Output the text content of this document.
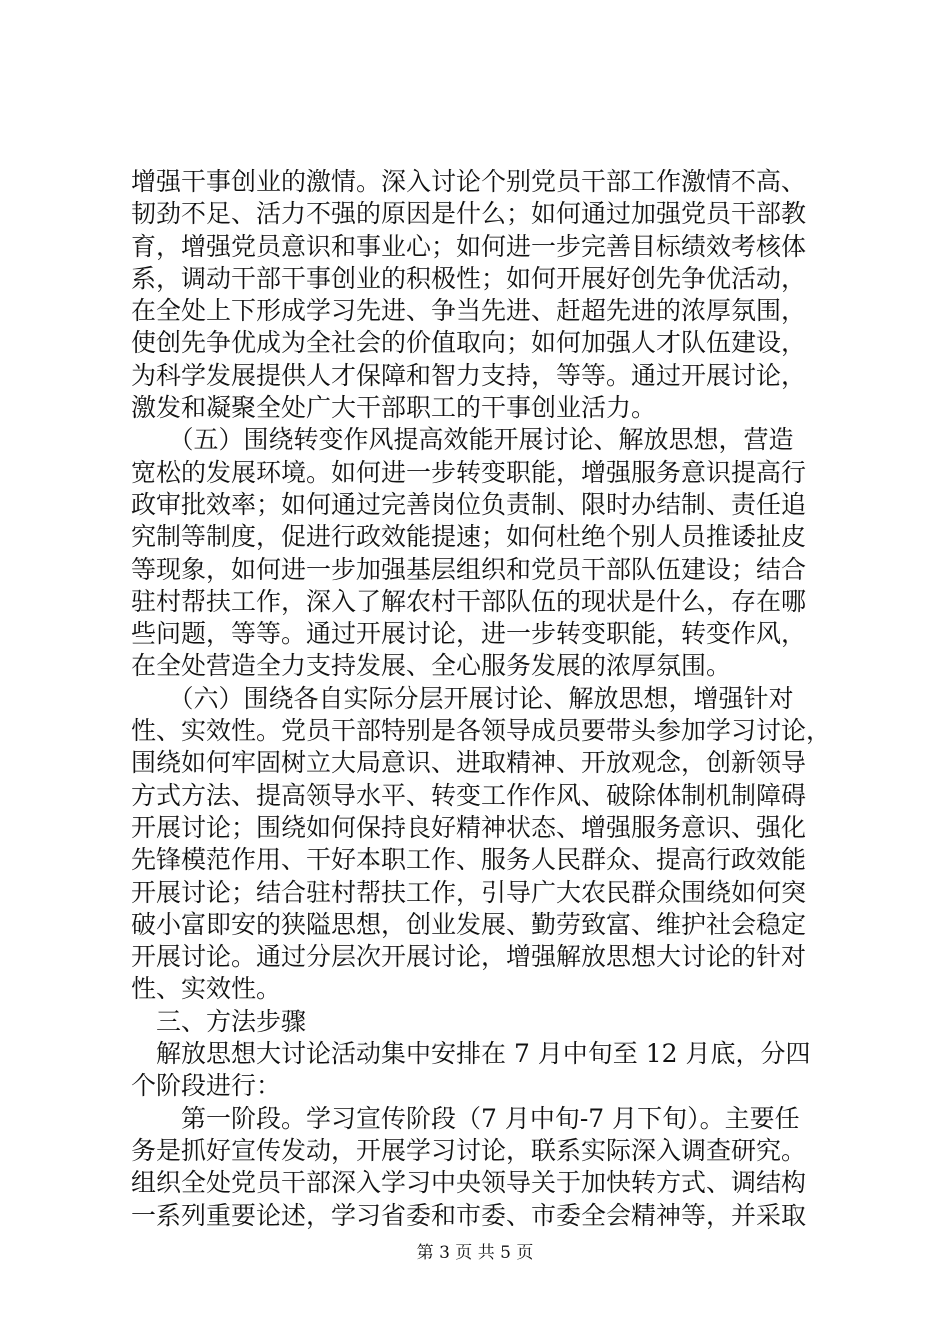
增强干事创业的激情。深入讨论个别党员干部工作激情不高、
韧劲不足、活力不强的原因是什么；如何通过加强党员干部教
育，增强党员意识和事业心；如何进一步完善目标绩效考核体
系，调动干部干事创业的积极性；如何开展好创先争优活动，
在全处上下形成学习先进、争当先进、赶超先进的浓厚氛围，
使创先争优成为全社会的价值取向；如何加强人才队伍建设，
为科学发展提供人才保障和智力支持，等等。通过开展讨论，
激发和凝聚全处广大干部职工的干事创业活力。
　　（五）围绕转变作风提高效能开展讨论、解放思想，营造
宽松的发展环境。如何进一步转变职能，增强服务意识提高行
政审批效率；如何通过完善岗位负责制、限时办结制、责任追
究制等制度，促进行政效能提速；如何杜绝个别人员推诿扯皮
等现象，如何进一步加强基层组织和党员干部队伍建设；结合
驻村帮扶工作，深入了解农村干部队伍的现状是什么，存在哪
些问题，等等。通过开展讨论，进一步转变职能，转变作风，
在全处营造全力支持发展、全心服务发展的浓厚氛围。
　　（六）围绕各自实际分层开展讨论、解放思想，增强针对
性、实效性。党员干部特别是各领导成员要带头参加学习讨论，
围绕如何牢固树立大局意识、进取精神、开放观念，创新领导
方式方法、提高领导水平、转变工作作风、破除体制机制障碍
开展讨论；围绕如何保持良好精神状态、增强服务意识、强化
先锋模范作用、干好本职工作、服务人民群众、提高行政效能
开展讨论；结合驻村帮扶工作，引导广大农民群众围绕如何突
破小富即安的狭隘思想，创业发展、勤劳致富、维护社会稳定
开展讨论。通过分层次开展讨论，增强解放思想大讨论的针对
性、实效性。
　三、方法步骤
　解放思想大讨论活动集中安排在 7 月中旬至 12 月底，分四
个阶段进行：
　　第一阶段。学习宣传阶段（7 月中旬-7 月下旬）。主要任
务是抓好宣传发动，开展学习讨论，联系实际深入调查研究。
组织全处党员干部深入学习中央领导关于加快转方式、调结构
一系列重要论述，学习省委和市委、市委全会精神等，并采取
第 3 页 共 5 页
